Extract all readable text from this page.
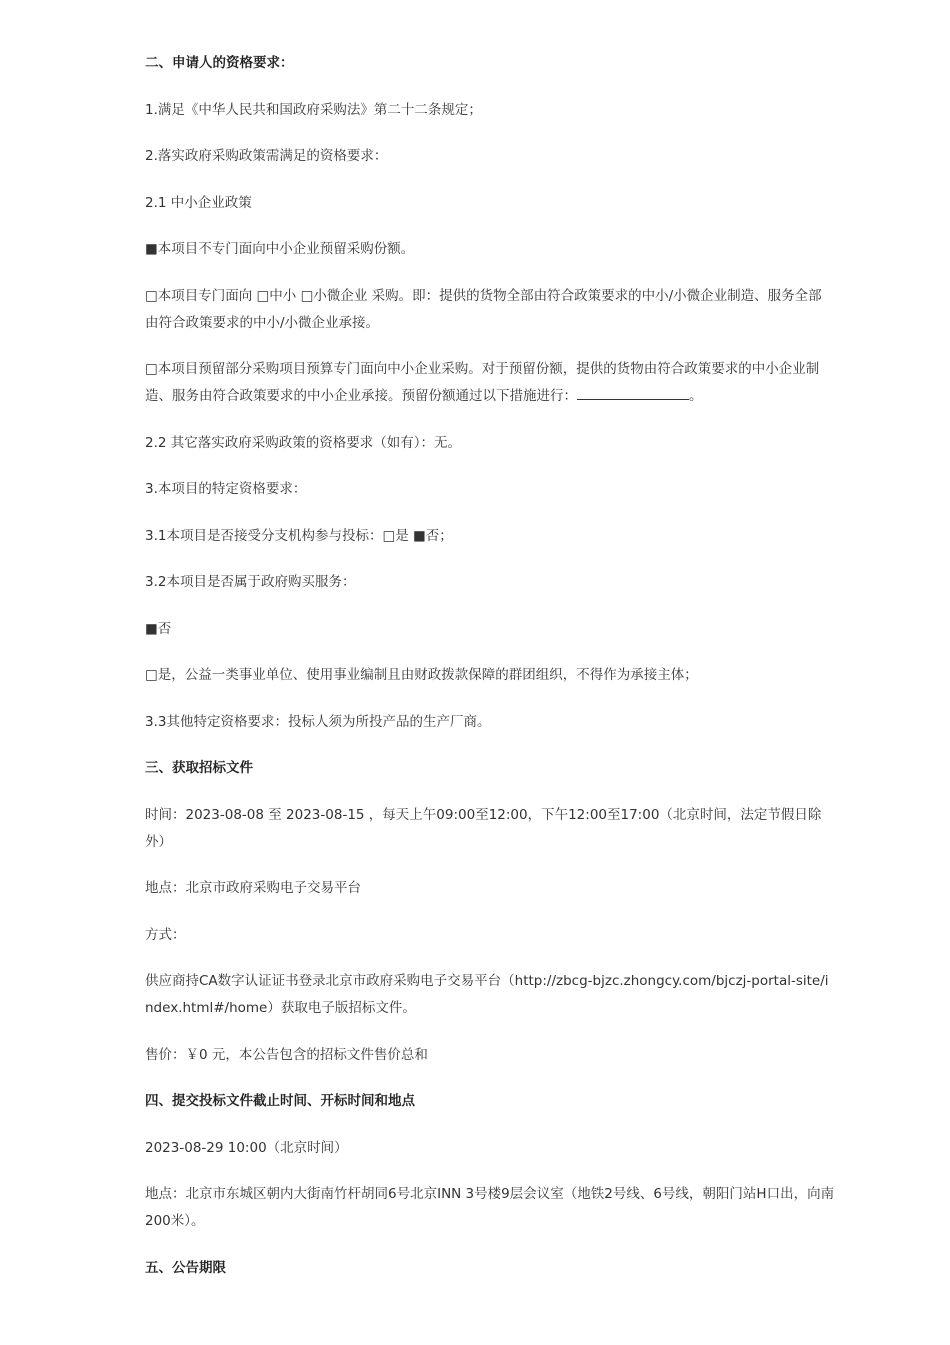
二、申请人的资格要求：
1.满足《中华人民共和国政府采购法》第二十二条规定；
2.落实政府采购政策需满足的资格要求：
2.1 中小企业政策
■本项目不专门面向中小企业预留采购份额。
□本项目专门面向 □中小 □小微企业 采购。即：提供的货物全部由符合政策要求的中小/小微企业制造、服务全部由符合政策要求的中小/小微企业承接。
□本项目预留部分采购项目预算专门面向中小企业采购。对于预留份额，提供的货物由符合政策要求的中小企业制造、服务由符合政策要求的中小企业承接。预留份额通过以下措施进行：	。
2.2 其它落实政府采购政策的资格要求（如有）：无。
3.本项目的特定资格要求：
3.1本项目是否接受分支机构参与投标：□是 ■否；
3.2本项目是否属于政府购买服务：
■否
□是，公益一类事业单位、使用事业编制且由财政拨款保障的群团组织，不得作为承接主体；
3.3其他特定资格要求：投标人须为所投产品的生产厂商。
三、获取招标文件
时间：2023-08-08 至 2023-08-15 ，每天上午09:00至12:00，下午12:00至17:00（北京时间，法定节假日除外）
地点：北京市政府采购电子交易平台
方式：
供应商持CA数字认证证书登录北京市政府采购电子交易平台（http://zbcg-bjzc.zhongcy.com/bjczj-portal-site/index.html#/home）获取电子版招标文件。
售价：￥0 元，本公告包含的招标文件售价总和
四、提交投标文件截止时间、开标时间和地点
2023-08-29 10:00（北京时间）
地点：北京市东城区朝内大街南竹杆胡同6号北京INN 3号楼9层会议室（地铁2号线、6号线，朝阳门站H口出，向南200米）。
五、公告期限
